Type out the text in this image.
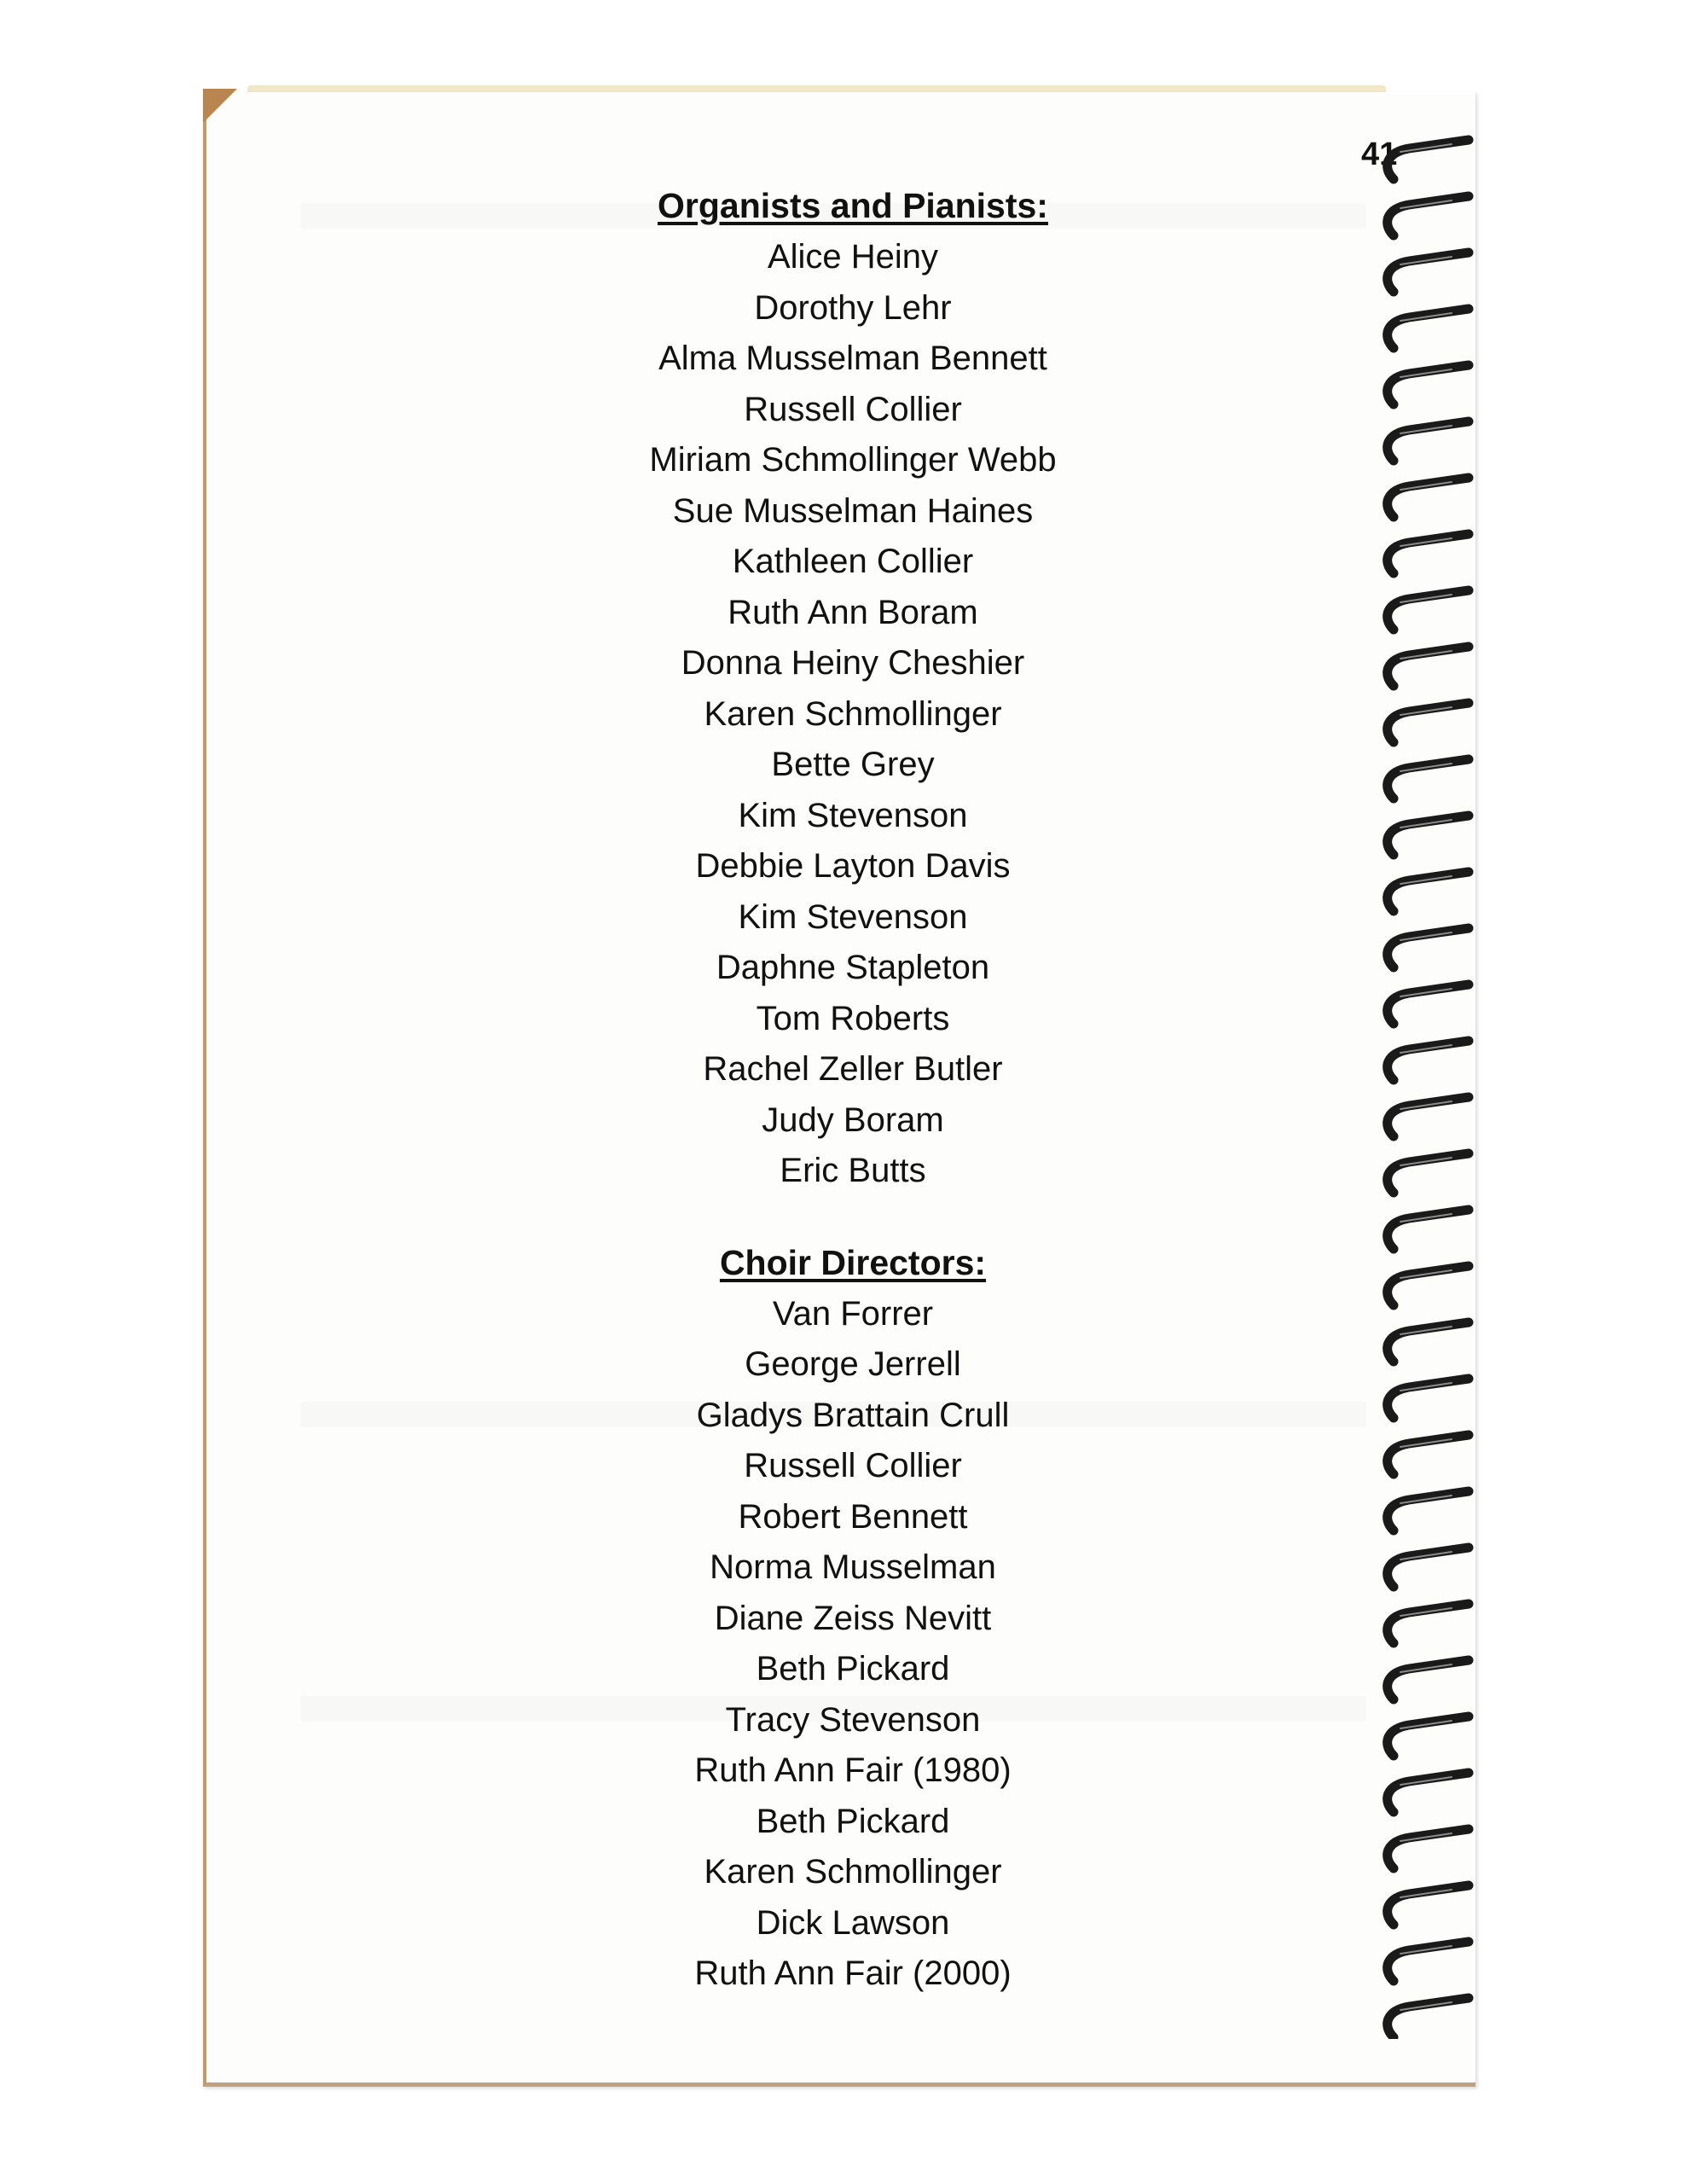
41
Organists and Pianists:

Alice Heiny

Dorothy Lehr

Alma Musselman Bennett

Russell Collier

Miriam Schmollinger Webb

Sue Musselman Haines

Kathleen Collier

Ruth Ann Boram

Donna Heiny Cheshier

Karen Schmollinger

Bette Grey

Kim Stevenson

Debbie Layton Davis

Kim Stevenson

Daphne Stapleton

Tom Roberts

Rachel Zeller Butler

Judy Boram

Eric Butts

Choir Directors:

Van Forrer

George Jerrell

Gladys Brattain Crull

Russell Collier

Robert Bennett

Norma Musselman

Diane Zeiss Nevitt

Beth Pickard

Tracy Stevenson

Ruth Ann Fair (1980)

Beth Pickard

Karen Schmollinger

Dick Lawson

Ruth Ann Fair (2000)
